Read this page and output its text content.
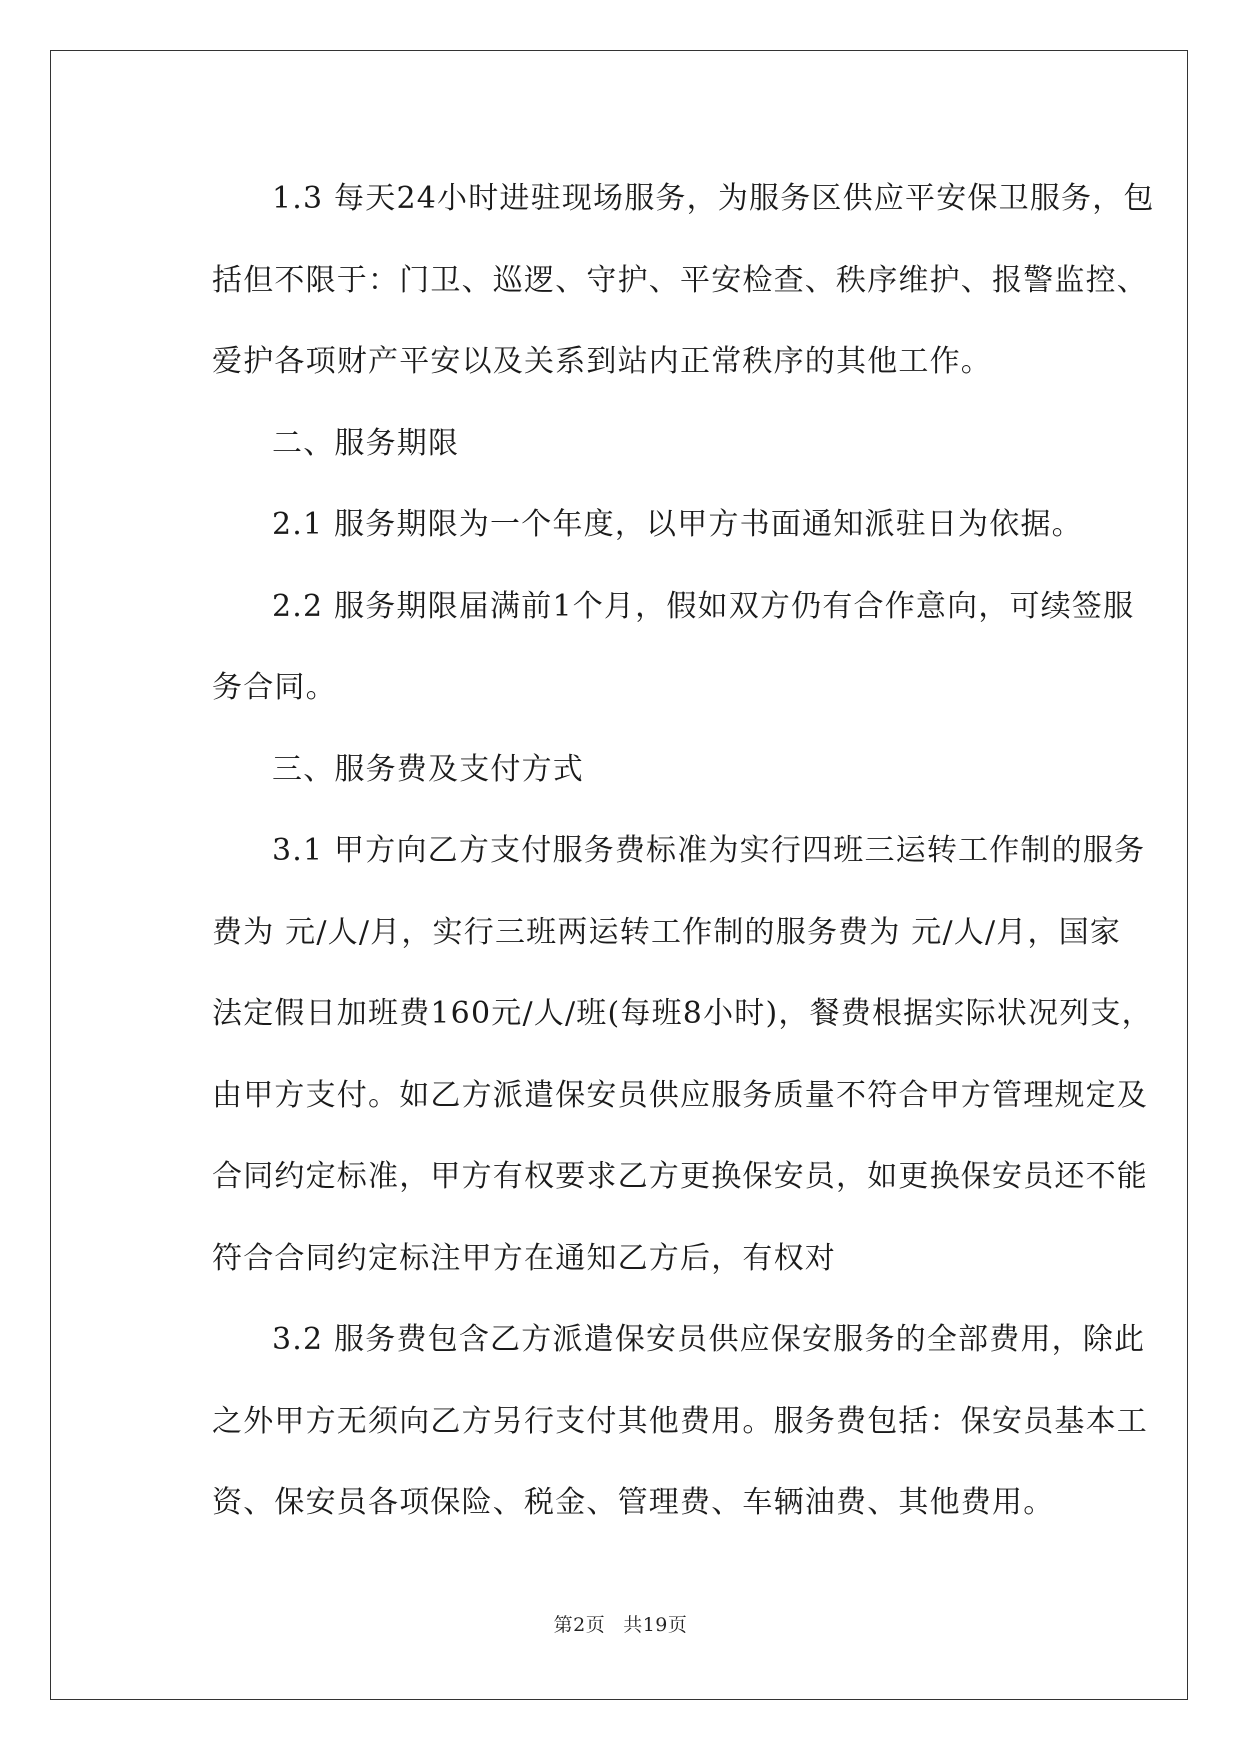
1.3 每天24小时进驻现场服务，为服务区供应平安保卫服务，包
括但不限于：门卫、巡逻、守护、平安检查、秩序维护、报警监控、
爱护各项财产平安以及关系到站内正常秩序的其他工作。

二、服务期限

2.1 服务期限为一个年度，以甲方书面通知派驻日为依据。

2.2 服务期限届满前1个月，假如双方仍有合作意向，可续签服
务合同。

三、服务费及支付方式

3.1 甲方向乙方支付服务费标准为实行四班三运转工作制的服务
费为 元/人/月，实行三班两运转工作制的服务费为 元/人/月，国家
法定假日加班费160元/人/班(每班8小时)，餐费根据实际状况列支，
由甲方支付。如乙方派遣保安员供应服务质量不符合甲方管理规定及
合同约定标准，甲方有权要求乙方更换保安员，如更换保安员还不能
符合合同约定标注甲方在通知乙方后，有权对

3.2 服务费包含乙方派遣保安员供应保安服务的全部费用，除此
之外甲方无须向乙方另行支付其他费用。服务费包括：保安员基本工
资、保安员各项保险、税金、管理费、车辆油费、其他费用。

第2页 共19页
